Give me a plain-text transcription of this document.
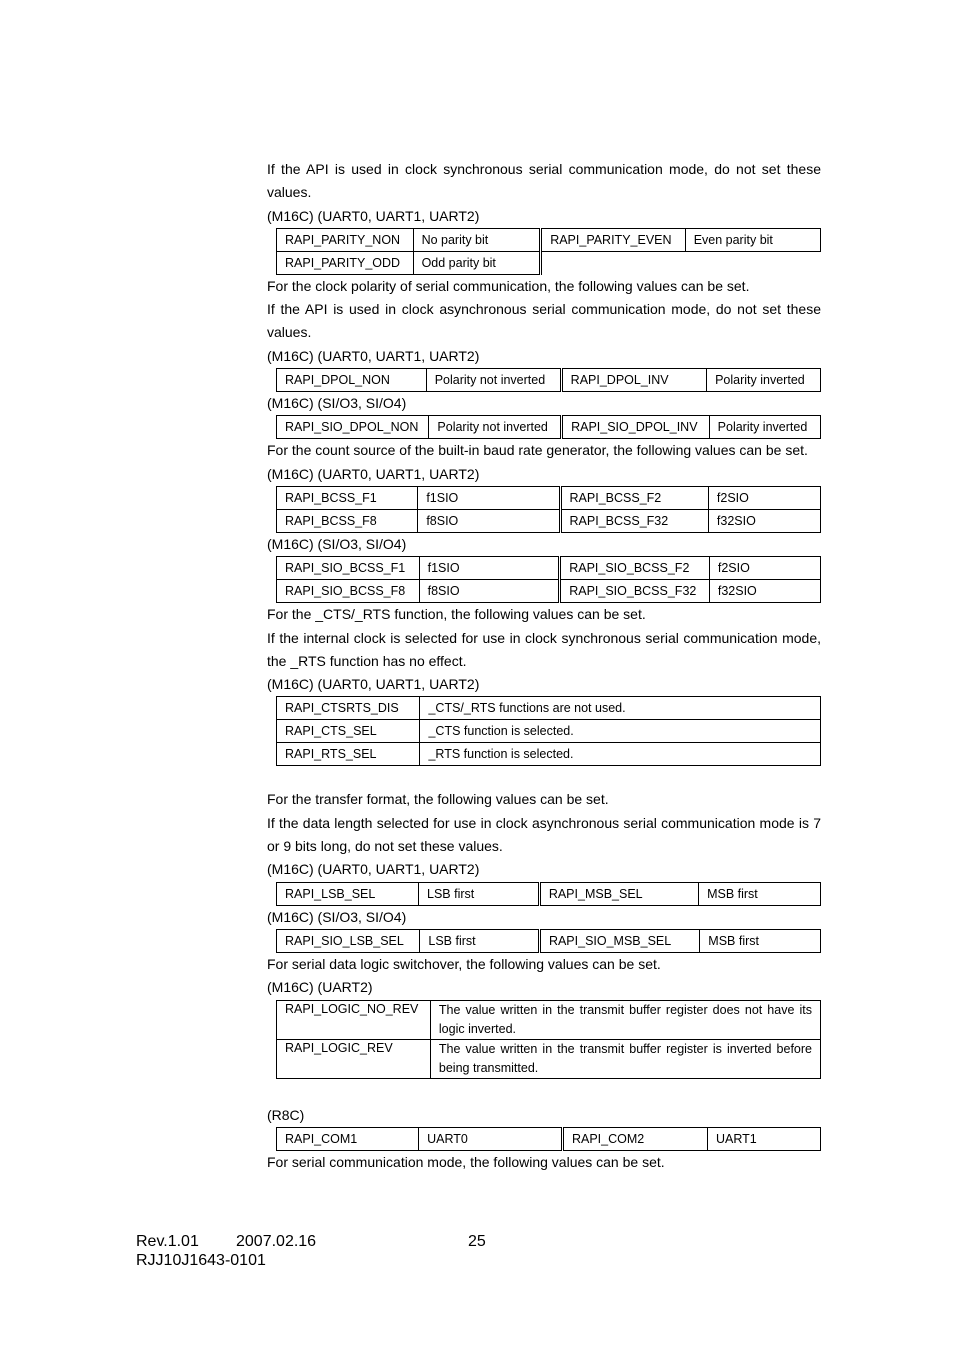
If the API is used in clock synchronous serial communication mode, do not set these values.
(M16C) (UART0, UART1, UART2)
RAPI_PARITY_NON	No parity bit	RAPI_PARITY_EVEN	Even parity bit
RAPI_PARITY_ODD	Odd parity bit		
For the clock polarity of serial communication, the following values can be set.
If the API is used in clock asynchronous serial communication mode, do not set these values.
(M16C) (UART0, UART1, UART2)
RAPI_DPOL_NON	Polarity not inverted	RAPI_DPOL_INV	Polarity inverted
(M16C) (SI/O3, SI/O4)
RAPI_SIO_DPOL_NON	Polarity not inverted	RAPI_SIO_DPOL_INV	Polarity inverted
For the count source of the built-in baud rate generator, the following values can be set.
(M16C) (UART0, UART1, UART2)
RAPI_BCSS_F1	f1SIO	RAPI_BCSS_F2	f2SIO
RAPI_BCSS_F8	f8SIO	RAPI_BCSS_F32	f32SIO
(M16C) (SI/O3, SI/O4)
RAPI_SIO_BCSS_F1	f1SIO	RAPI_SIO_BCSS_F2	f2SIO
RAPI_SIO_BCSS_F8	f8SIO	RAPI_SIO_BCSS_F32	f32SIO
For the _CTS/_RTS function, the following values can be set.
If the internal clock is selected for use in clock synchronous serial communication mode, the _RTS function has no effect.
(M16C) (UART0, UART1, UART2)
RAPI_CTSRTS_DIS	_CTS/_RTS functions are not used.
RAPI_CTS_SEL	_CTS function is selected.
RAPI_RTS_SEL	_RTS function is selected.
For the transfer format, the following values can be set.
If the data length selected for use in clock asynchronous serial communication mode is 7 or 9 bits long, do not set these values.
(M16C) (UART0, UART1, UART2)
RAPI_LSB_SEL	LSB first	RAPI_MSB_SEL	MSB first
(M16C) (SI/O3, SI/O4)
RAPI_SIO_LSB_SEL	LSB first	RAPI_SIO_MSB_SEL	MSB first
For serial data logic switchover, the following values can be set.
(M16C) (UART2)
RAPI_LOGIC_NO_REV	The value written in the transmit buffer register does not have its logic inverted.
RAPI_LOGIC_REV	The value written in the transmit buffer register is inverted before being transmitted.
(R8C)
RAPI_COM1	UART0	RAPI_COM2	UART1
For serial communication mode, the following values can be set.
Rev.1.01 2007.02.16	25
RJJ10J1643-0101
